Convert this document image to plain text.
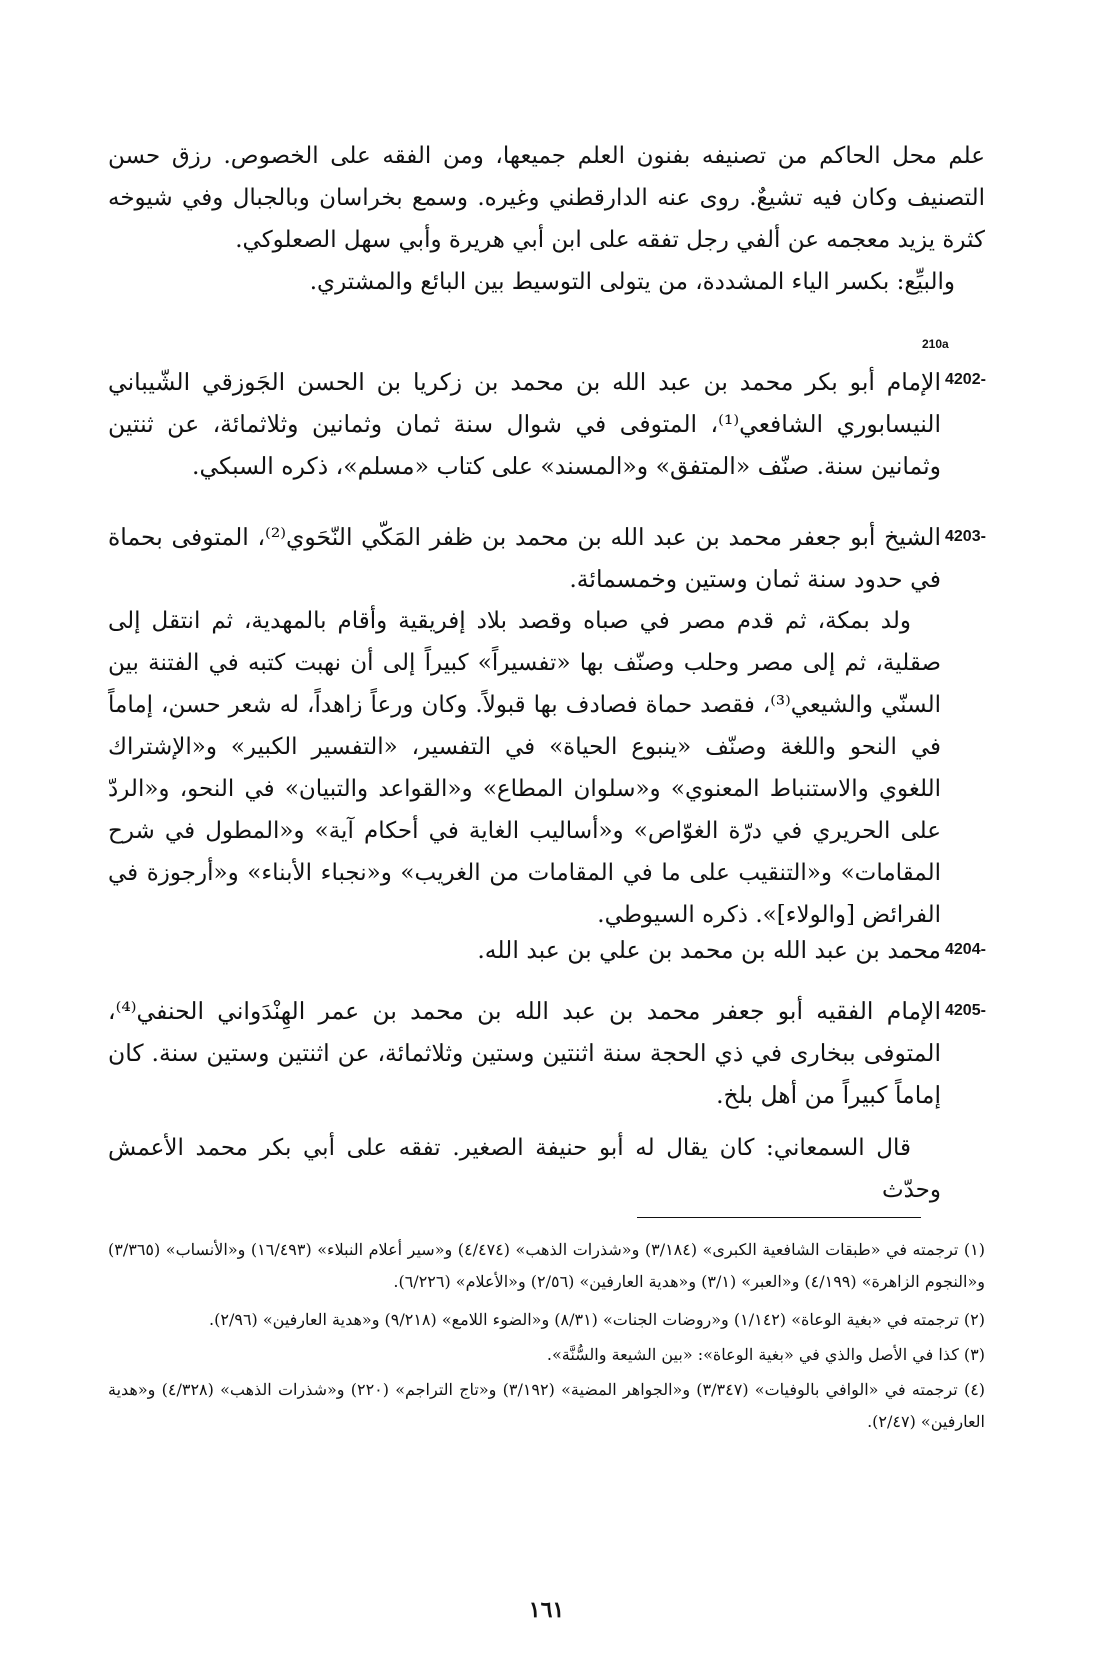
علم محل الحاكم من تصنيفه بفنون العلم جميعها، ومن الفقه على الخصوص. رزق حسن التصنيف وكان فيه تشيعٌ. روى عنه الدارقطني وغيره. وسمع بخراسان وبالجبال وفي شيوخه كثرة يزيد معجمه عن ألفي رجل تفقه على ابن أبي هريرة وأبي سهل الصعلوكي.

والبيِّع: بكسر الياء المشددة، من يتولى التوسيط بين البائع والمشتري.

210a
4202-

الإمام أبو بكر محمد بن عبد الله بن محمد بن زكريا بن الحسن الجَوزقي الشّيباني النيسابوري الشافعي⁽¹⁾، المتوفى في شوال سنة ثمان وثمانين وثلاثمائة، عن ثنتين وثمانين سنة. صنّف «المتفق» و«المسند» على كتاب «مسلم»، ذكره السبكي.

4203-

الشيخ أبو جعفر محمد بن عبد الله بن محمد بن ظفر المَكّي النّحَوي⁽²⁾، المتوفى بحماة في حدود سنة ثمان وستين وخمسمائة.

ولد بمكة، ثم قدم مصر في صباه وقصد بلاد إفريقية وأقام بالمهدية، ثم انتقل إلى صقلية، ثم إلى مصر وحلب وصنّف بها «تفسيراً» كبيراً إلى أن نهبت كتبه في الفتنة بين السنّي والشيعي⁽³⁾، فقصد حماة فصادف بها قبولاً. وكان ورعاً زاهداً، له شعر حسن، إماماً في النحو واللغة وصنّف «ينبوع الحياة» في التفسير، «التفسير الكبير» و«الإشتراك اللغوي والاستنباط المعنوي» و«سلوان المطاع» و«القواعد والتبيان» في النحو، و«الردّ على الحريري في درّة الغوّاص» و«أساليب الغاية في أحكام آية» و«المطول في شرح المقامات» و«التنقيب على ما في المقامات من الغريب» و«نجباء الأبناء» و«أرجوزة في الفرائض [والولاء]». ذكره السيوطي.

4204-

محمد بن عبد الله بن محمد بن علي بن عبد الله.

4205-

الإمام الفقيه أبو جعفر محمد بن عبد الله بن محمد بن عمر الهِنْدَواني الحنفي⁽⁴⁾، المتوفى ببخارى في ذي الحجة سنة اثنتين وستين وثلاثمائة، عن اثنتين وستين سنة. كان إماماً كبيراً من أهل بلخ.

قال السمعاني: كان يقال له أبو حنيفة الصغير. تفقه على أبي بكر محمد الأعمش وحدّث

(١) ترجمته في «طبقات الشافعية الكبرى» (٣/١٨٤) و«شذرات الذهب» (٤/٤٧٤) و«سير أعلام النبلاء» (١٦/٤٩٣) و«الأنساب» (٣/٣٦٥) و«النجوم الزاهرة» (٤/١٩٩) و«العبر» (٣/١) و«هدية العارفين» (٢/٥٦) و«الأعلام» (٦/٢٢٦).

(٢) ترجمته في «بغية الوعاة» (١/١٤٢) و«روضات الجنات» (٨/٣١) و«الضوء اللامع» (٩/٢١٨) و«هدية العارفين» (٢/٩٦).

(٣) كذا في الأصل والذي في «بغية الوعاة»: «بين الشيعة والسُّنَّة».

(٤) ترجمته في «الوافي بالوفيات» (٣/٣٤٧) و«الجواهر المضية» (٣/١٩٢) و«تاج التراجم» (٢٢٠) و«شذرات الذهب» (٤/٣٢٨) و«هدية العارفين» (٢/٤٧).

١٦١
